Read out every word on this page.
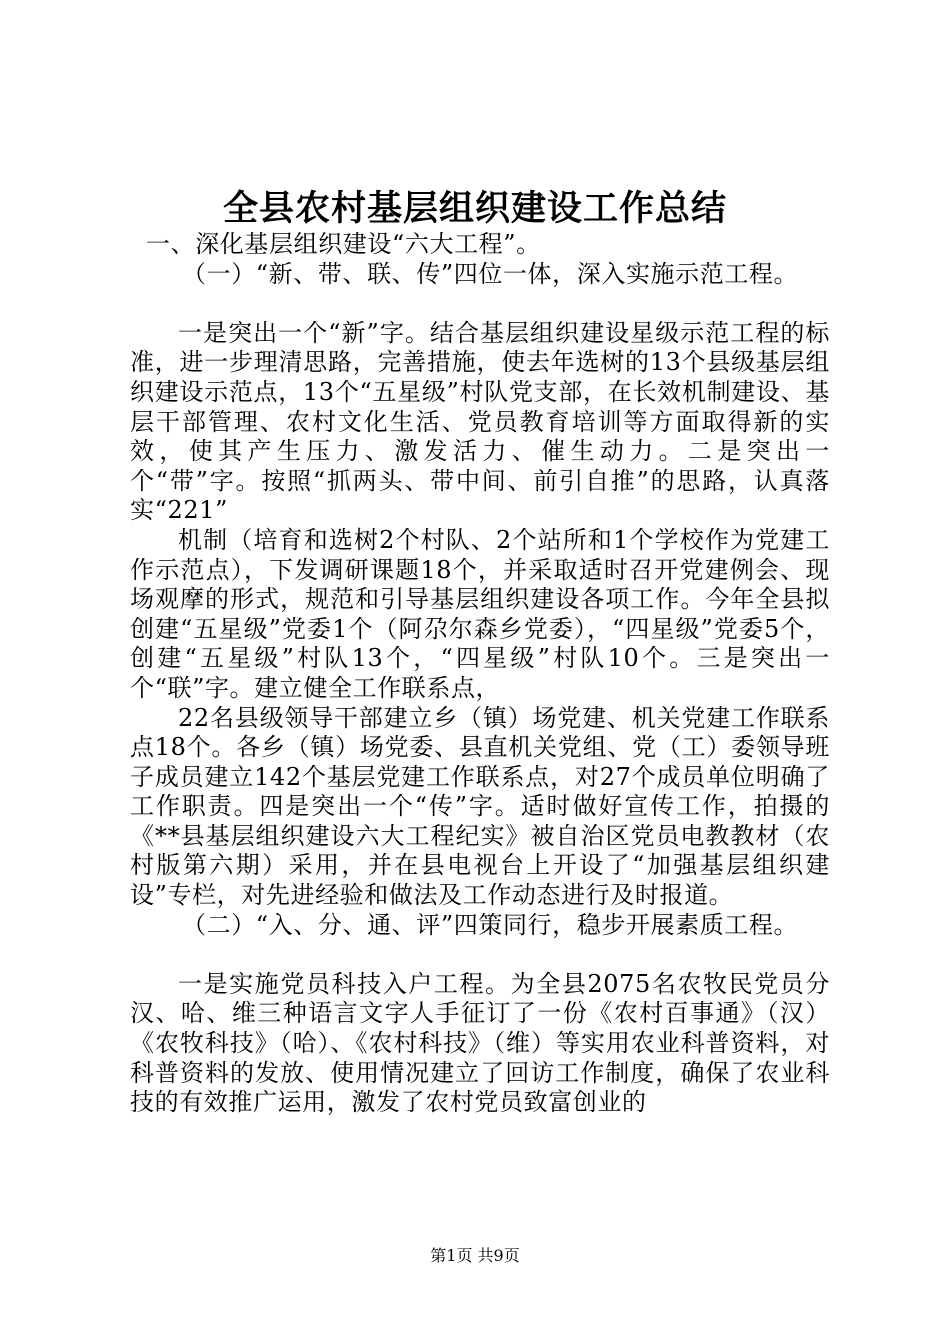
全县农村基层组织建设工作总结

一、深化基层组织建设“六大工程”。

（一）“新、带、联、传”四位一体，深入实施示范工程。

一是突出一个“新”字。结合基层组织建设星级示范工程的标准，进一步理清思路，完善措施，使去年选树的13个县级基层组织建设示范点，13个“五星级”村队党支部，在长效机制建设、基层干部管理、农村文化生活、党员教育培训等方面取得新的实效，使其产生压力、激发活力、催生动力。二是突出一个“带”字。按照“抓两头、带中间、前引自推”的思路，认真落实“221”

机制（培育和选树2个村队、2个站所和1个学校作为党建工作示范点），下发调研课题18个，并采取适时召开党建例会、现场观摩的形式，规范和引导基层组织建设各项工作。今年全县拟创建“五星级”党委1个（阿尕尔森乡党委），“四星级”党委5个，创建“五星级”村队13个，“四星级”村队10个。三是突出一个“联”字。建立健全工作联系点，

22名县级领导干部建立乡（镇）场党建、机关党建工作联系点18个。各乡（镇）场党委、县直机关党组、党（工）委领导班子成员建立142个基层党建工作联系点，对27个成员单位明确了工作职责。四是突出一个“传”字。适时做好宣传工作，拍摄的《**县基层组织建设六大工程纪实》被自治区党员电教教材（农村版第六期）采用，并在县电视台上开设了“加强基层组织建设”专栏，对先进经验和做法及工作动态进行及时报道。

（二）“入、分、通、评”四策同行，稳步开展素质工程。

一是实施党员科技入户工程。为全县2075名农牧民党员分汉、哈、维三种语言文字人手征订了一份《农村百事通》（汉）《农牧科技》（哈）、《农村科技》（维）等实用农业科普资料，对科普资料的发放、使用情况建立了回访工作制度，确保了农业科技的有效推广运用，激发了农村党员致富创业的

第1页 共9页
